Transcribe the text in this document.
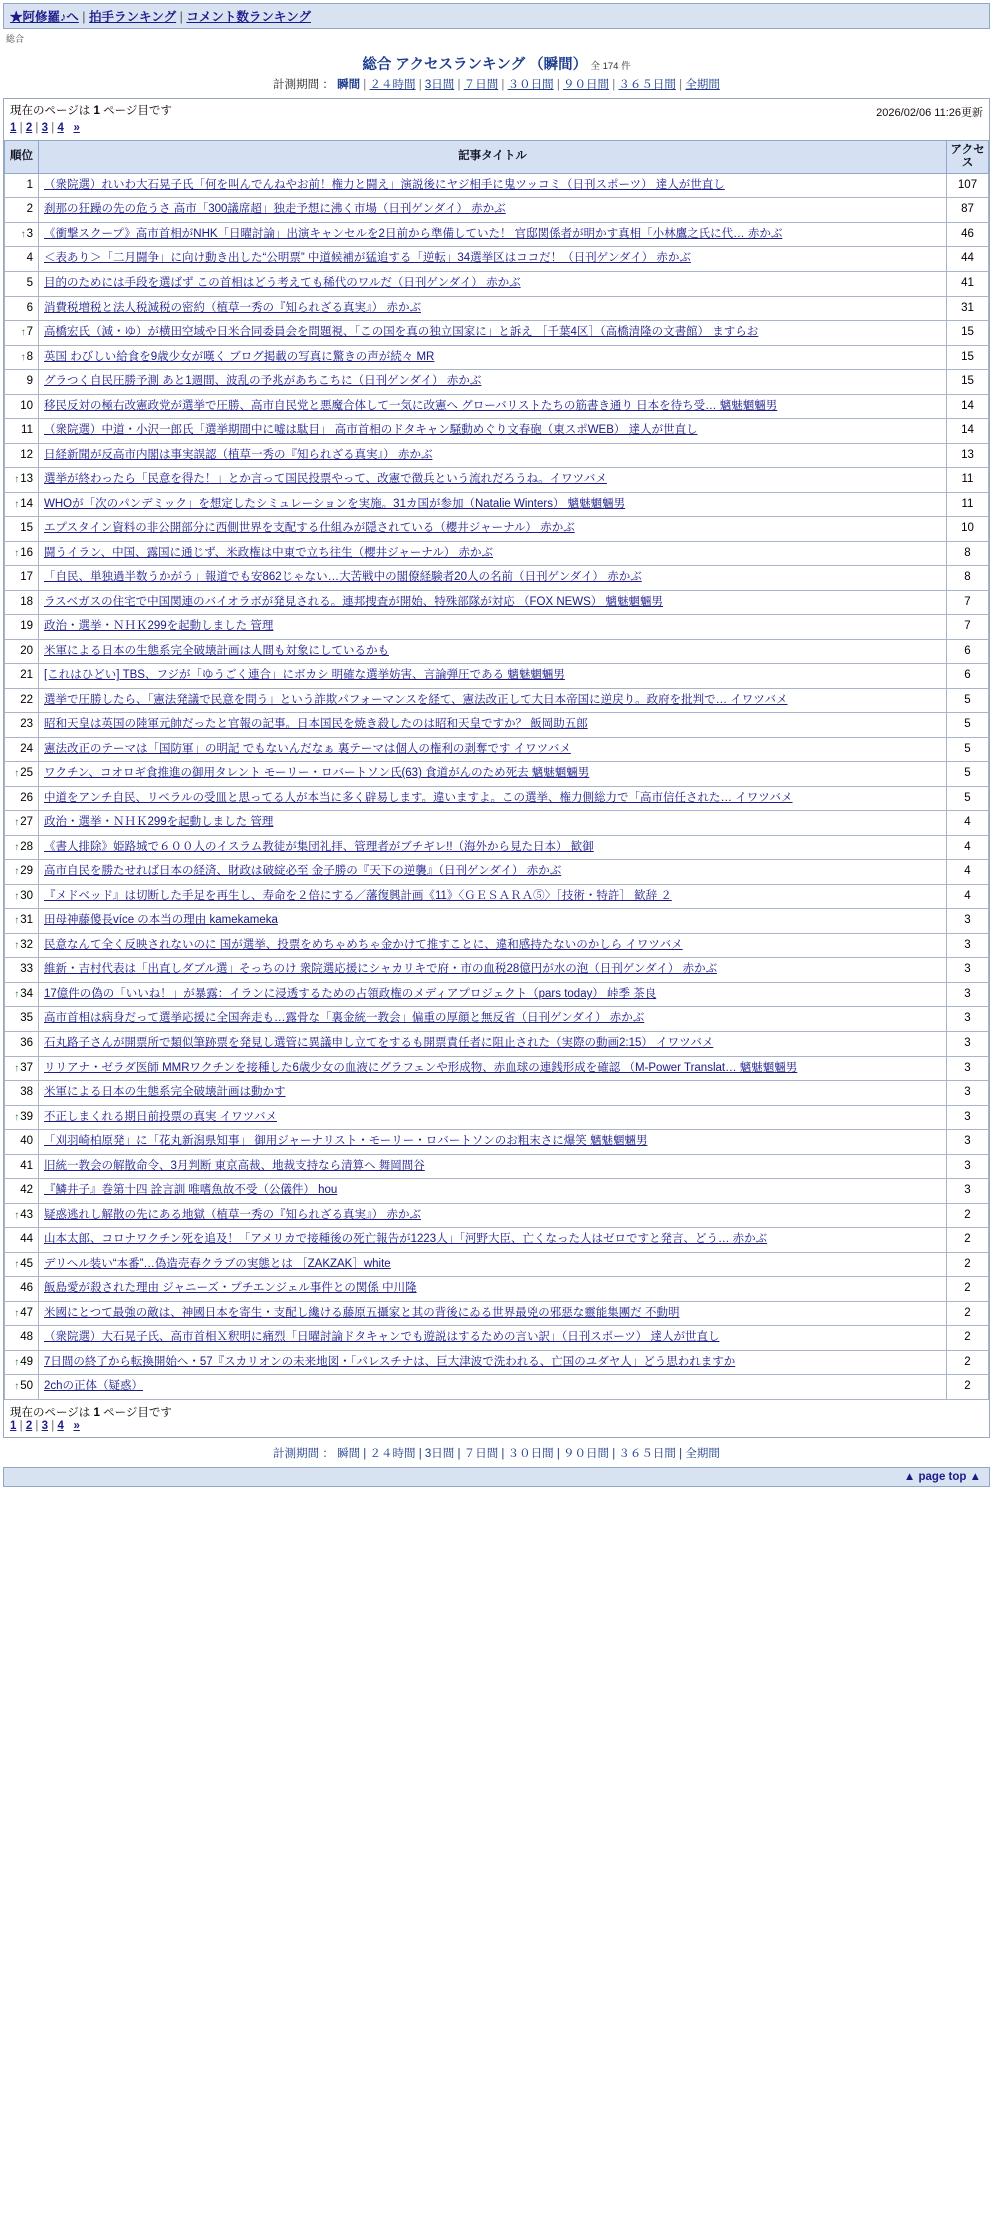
★阿修羅♪へ | 拍手ランキング | コメント数ランキング
総合
総合 アクセスランキング （瞬間） 全 174 件
計測期間 ： 瞬間 | ２４時間 | 3日間 | ７日間 | ３０日間 | ９０日間 | ３６５日間 | 全期間
現在のページは 1 ページ目です
1 | 2 | 3 | 4 »
2026/02/06 11:26更新
順位	記事タイトル	アクセス
1	（衆院選）れいわ大石晃子氏「何を叫んでんねやお前！権力と闘え」演説後にヤジ相手に鬼ツッコミ（日刊スポーツ） 達人が世直し	107
2	刹那の狂躁の先の危うさ 高市「300議席超」独走予想に沸く市場（日刊ゲンダイ） 赤かぶ	87
↑3	《衝撃スクープ》高市首相がNHK「日曜討論」出演キャンセルを2日前から準備していた！ 官邸関係者が明かす真相「小林鷹之氏に代… 赤かぶ	46
4	＜表あり＞「二月闘争」に向け動き出した“公明票” 中道候補が猛追する「逆転」34選挙区はココだ！（日刊ゲンダイ） 赤かぶ	44
5	目的のためには手段を選ばず この首相はどう考えても稀代のワルだ（日刊ゲンダイ） 赤かぶ	41
6	消費税増税と法人税減税の密約（植草一秀の『知られざる真実』） 赤かぶ	31
↑7	高橋宏氏（減・ゆ）が横田空域や日米合同委員会を問題視、「この国を真の独立国家に」と訴え ［千葉4区］（高橋清隆の文書館） ますらお	15
↑8	英国 わびしい給食を9歳少女が嘆く ブログ掲載の写真に驚きの声が続々 MR	15
9	グラつく自民圧勝予測 あと1週間、波乱の予兆があちこちに（日刊ゲンダイ） 赤かぶ	15
10	移民反対の極右改憲政党が選挙で圧勝、高市自民党と悪魔合体して一気に改憲へ グローバリストたちの筋書き通り 日本を待ち受… 魑魅魍魎男	14
11	（衆院選）中道・小沢一郎氏「選挙期間中に嘘は駄目」 高市首相のドタキャン騒動めぐり文春砲（東スポWEB） 達人が世直し	14
12	日経新聞が反高市内閣は事実誤認（植草一秀の『知られざる真実』） 赤かぶ	13
↑13	選挙が終わったら「民意を得た！」とか言って国民投票やって、改憲で徴兵という流れだろうね。イワツバメ	11
↑14	WHOが「次のパンデミック」を想定したシミュレーションを実施。31カ国が参加（Natalie Winters） 魑魅魍魎男	11
15	エプスタイン資料の非公開部分に西側世界を支配する仕組みが隠されている（櫻井ジャーナル） 赤かぶ	10
↑16	闘うイラン、中国、露国に通じず、米政権は中東で立ち往生（櫻井ジャーナル） 赤かぶ	8
17	「自民、単独過半数うかがう」報道でも安862じゃない…大苦戦中の閣僚経験者20人の名前（日刊ゲンダイ） 赤かぶ	8
18	ラスベガスの住宅で中国関連のバイオラボが発見される。連邦捜査が開始、特殊部隊が対応 （FOX NEWS） 魑魅魍魎男	7
19	政治・選挙・ＮＨＫ299を起動しました 管理	7
20	米軍による日本の生態系完全破壊計画は人間も対象にしているかも	6
21	[これはひどい] TBS、フジが「ゆうごく連合」にボカシ 明確な選挙妨害、言論弾圧である 魑魅魍魎男	6
22	選挙で圧勝したら、「憲法発議で民意を問う」という詐欺パフォーマンスを経て、憲法改正して大日本帝国に逆戻り。政府を批判で… イワツバメ	5
23	昭和天皇は英国の陸軍元帥だったと官報の記事。日本国民を焼き殺したのは昭和天皇ですか？ 飯岡助五郎	5
24	憲法改正のテーマは「国防軍」の明記 でもないんだなぁ 裏テーマは個人の権利の剥奪です イワツバメ	5
↑25	ワクチン、コオロギ食推進の御用タレント モーリー・ロバートソン氏(63) 食道がんのため死去 魑魅魍魎男	5
26	中道をアンチ自民、リベラルの受皿と思ってる人が本当に多く辟易します。違いますよ。この選挙、権力側総力で「高市信任された… イワツバメ	5
↑27	政治・選挙・ＮＨＫ299を起動しました 管理	4
↑28	《書人排除》姫路城で６００人のイスラム教徒が集団礼拝、管理者がブチギレ!!（海外から見た日本） 歓御	4
↑29	高市自民を勝たせれば日本の経済、財政は破綻必至 金子勝の『天下の逆襲』（日刊ゲンダイ） 赤かぶ	4
↑30	『メドベッド』は切断した手足を再生し、寿命を２倍にする／藩復興計画《11》〈ＧＥＳＡＲＡ⑤〉［技術・特許］ 歓辞 ２	4
↑31	田母神藤傻長více の本当の理由 kamekameka	3
↑32	民意なんて全く反映されないのに 国が選挙、投票をめちゃめちゃ金かけて推すことに、違和感持たないのかしら イワツバメ	3
33	維新・吉村代表は「出直しダブル選」そっちのけ 衆院選応援にシャカリキで府・市の血税28億円が水の泡（日刊ゲンダイ） 赤かぶ	3
↑34	17億件の偽の「いいね！」が暴露：イランに浸透するための占領政権のメディアプロジェクト（pars today） 峠季 茶良	3
35	高市首相は病身だって選挙応援に全国奔走も…露骨な「裏金統一教会」偏重の厚顔と無反省（日刊ゲンダイ） 赤かぶ	3
36	石丸路子さんが開票所で類似筆跡票を発見し選管に異議申し立てをするも開票責任者に阻止された（実際の動画2:15） イワツバメ	3
↑37	リリアナ・ゼラダ医師 MMRワクチンを接種した6歳少女の血液にグラフェンや形成物、赤血球の連銭形成を確認 （M-Power Translat… 魑魅魍魎男	3
38	米軍による日本の生態系完全破壊計画は動かす	3
↑39	不正しまくれる期日前投票の真実 イワツバメ	3
40	「刈羽崎柏原発」に「花丸新潟県知事」 御用ジャーナリスト・モーリー・ロバートソンのお粗末さに爆笑 魑魅魍魎男	3
41	旧統一教会の解散命令、3月判断 東京高裁、地裁支持なら清算へ 舞岡間谷	3
42	『鱗井子』巻第十四 詮言訓 唯嗜魚故不受（公儀件） hou	3
↑43	疑惑逃れし解散の先にある地獄（植草一秀の『知られざる真実』） 赤かぶ	2
44	山本太郎、コロナワクチン死を追及！「アメリカで接種後の死亡報告が1223人」「河野大臣、亡くなった人はゼロですと発言、どう… 赤かぶ	2
↑45	デリヘル装い“本番”…偽造売春クラブの実態とは ［ZAKZAK］white	2
46	飯島愛が殺された理由 ジャニーズ・プチエンジェル事件との関係 中川隆	2
↑47	米國にとつて最強の敵は、神國日本を寄生・支配し纔ける藤原五攝家と其の背後にゐる世界最兇の邪惡な靈能集團だ 不動明	2
48	（衆院選）大石晃子氏、高市首相Ｘ釈明に痛烈「日曜討論ドタキャンでも遊説はするための言い訳」（日刊スポーツ） 達人が世直し	2
↑49	7日間の終了から転換開始へ・57『スカリオンの未来地図・「パレスチナは、巨大津波で洗われる、亡国のユダヤ人」どう思われますか	2
↑50	2chの正体（疑惑）	2
現在のページは 1 ページ目です
1 | 2 | 3 | 4 »
計測期間 ： 瞬間 | ２４時間 | 3日間 | ７日間 | ３０日間 | ９０日間 | ３６５日間 | 全期間
▲ page top ▲
